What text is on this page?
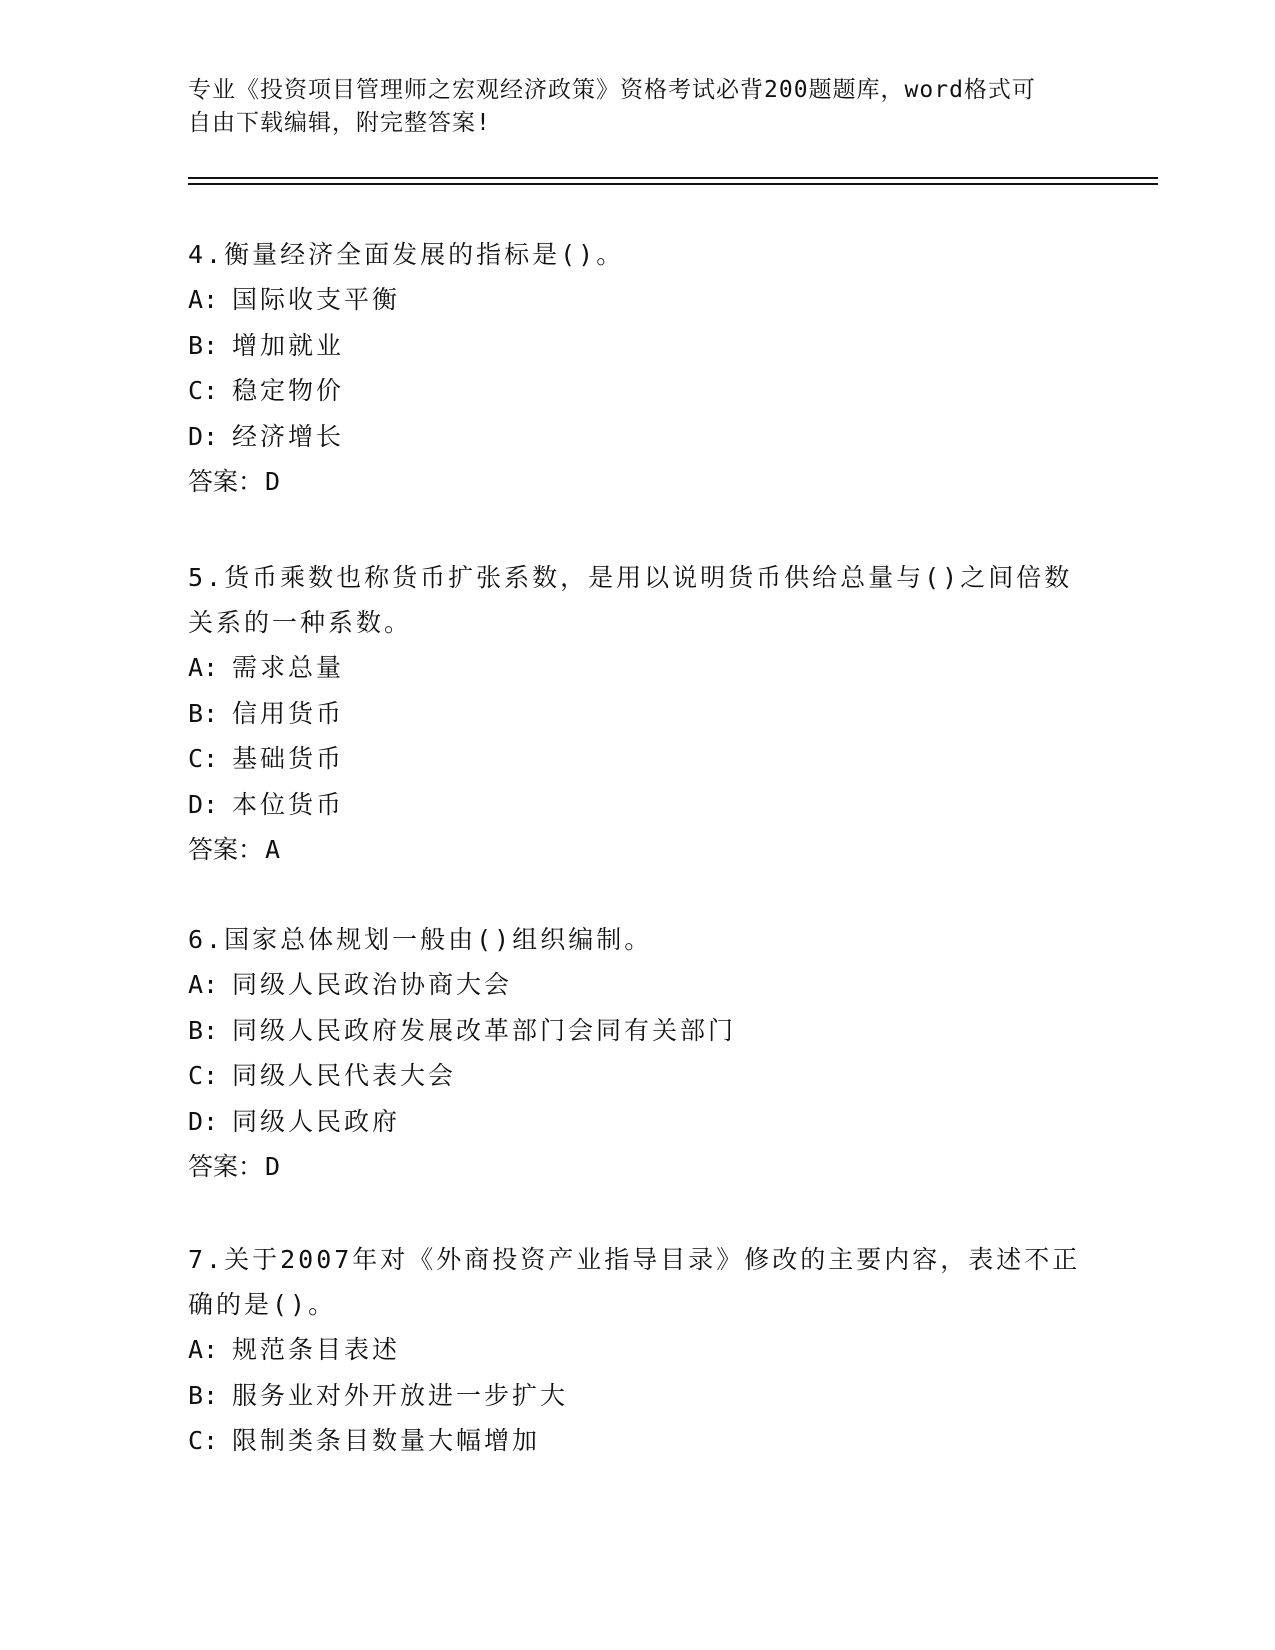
专业《投资项目管理师之宏观经济政策》资格考试必背200题题库，word格式可
自由下载编辑，附完整答案!

4.衡量经济全面发展的指标是()。

A: 国际收支平衡

B: 增加就业

C: 稳定物价

D: 经济增长

答案：D

5.货币乘数也称货币扩张系数，是用以说明货币供给总量与()之间倍数关系的一种系数。

A: 需求总量

B: 信用货币

C: 基础货币

D: 本位货币

答案：A

6.国家总体规划一般由()组织编制。

A: 同级人民政治协商大会

B: 同级人民政府发展改革部门会同有关部门

C: 同级人民代表大会

D: 同级人民政府

答案：D

7.关于2007年对《外商投资产业指导目录》修改的主要内容，表述不正确的是()。

A: 规范条目表述

B: 服务业对外开放进一步扩大

C: 限制类条目数量大幅增加
